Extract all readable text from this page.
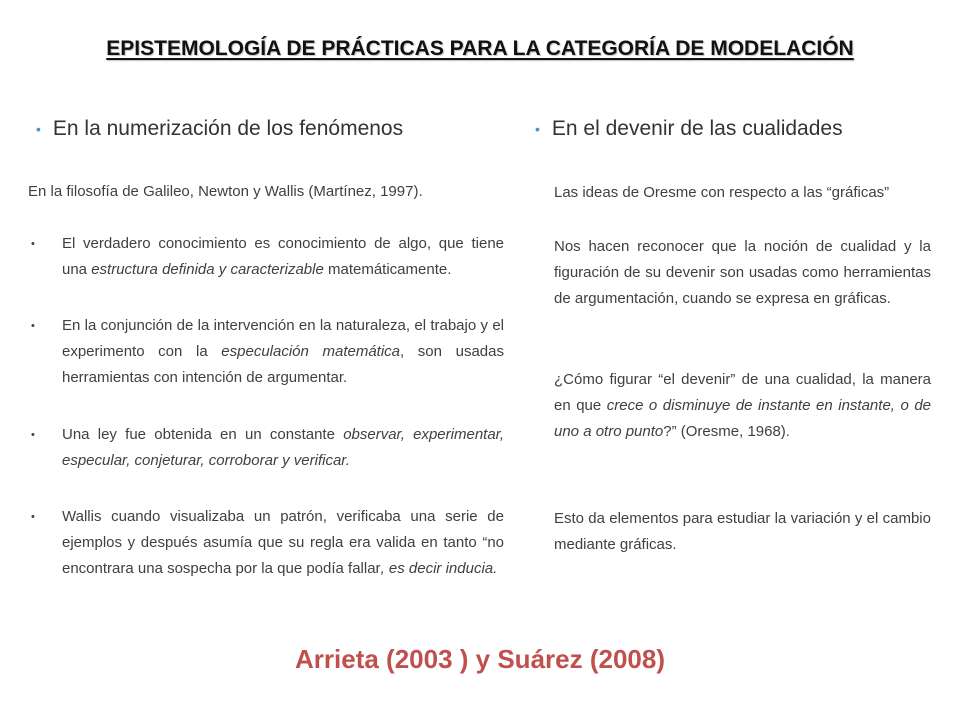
EPISTEMOLOGÍA DE PRÁCTICAS PARA LA CATEGORÍA DE MODELACIÓN
• En la numerización de los fenómenos

En la filosofía de Galileo, Newton y Wallis (Martínez, 1997).

• El verdadero conocimiento es conocimiento de algo, que tiene una estructura definida y caracterizable matemáticamente.

• En la conjunción de la intervención en la naturaleza, el trabajo y el experimento con la especulación matemática, son usadas herramientas con intención de argumentar.

• Una ley fue obtenida en un constante observar, experimentar, especular, conjeturar, corroborar y verificar.

• Wallis cuando visualizaba un patrón, verificaba una serie de ejemplos y después asumía que su regla era valida en tanto “no encontrara una sospecha por la que podía fallar, es decir inducia.

• En el devenir de las cualidades

Las ideas de Oresme con respecto a las “gráficas”

Nos hacen reconocer que la noción de cualidad y la figuración de su devenir son usadas como herramientas de argumentación, cuando se expresa en gráficas.

¿Cómo figurar “el devenir” de una cualidad, la manera en que crece o disminuye de instante en instante, o de uno a otro punto?” (Oresme, 1968).

Esto da elementos para estudiar la variación y el cambio mediante gráficas.

Arrieta (2003 ) y Suárez (2008)
